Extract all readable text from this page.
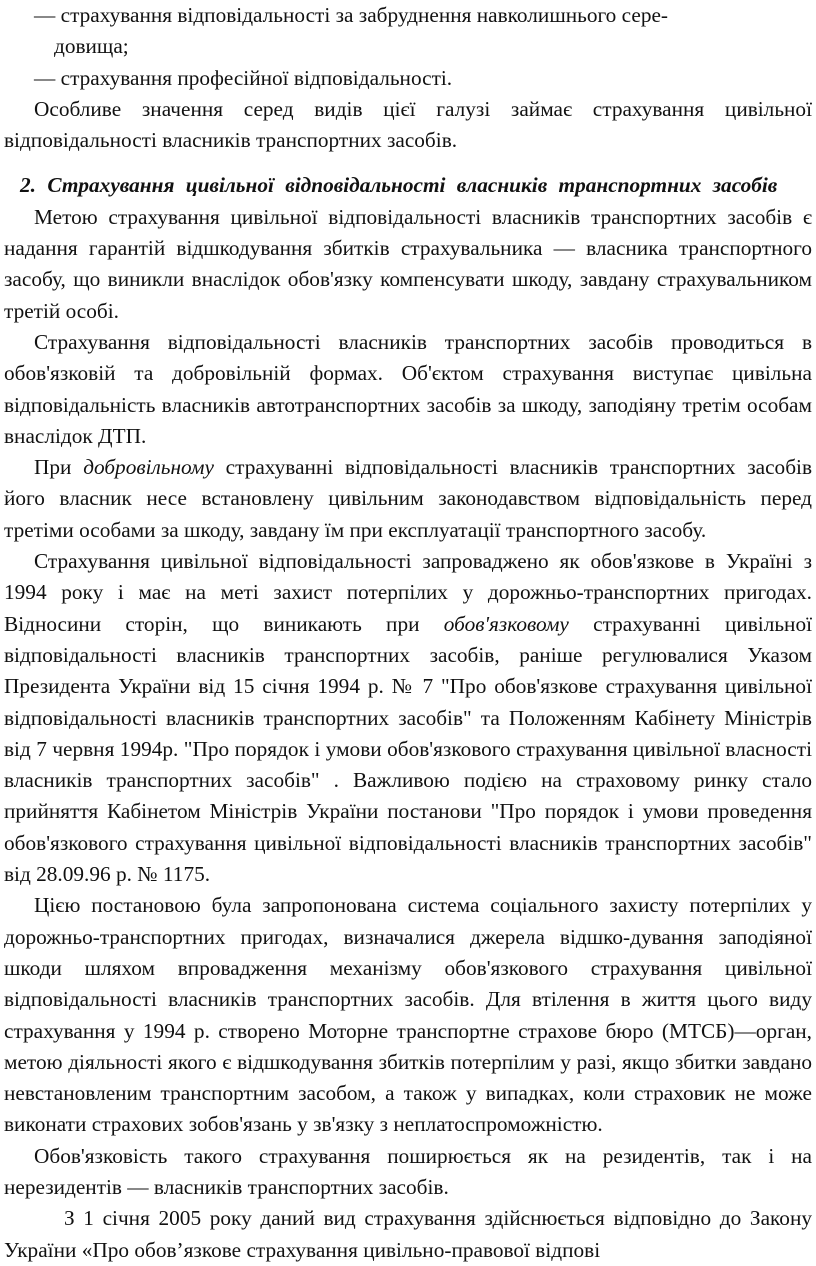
— страхування відповідальності за забруднення навколишнього сере-

довища;

— страхування професійної відповідальності.

Особливе значення серед видів цієї галузі займає страхування цивільної відповідальності власників транспортних засобів.

2. Страхування цивільної відповідальності власників транспортних засобів

Метою страхування цивільної відповідальності власників транспортних засобів є надання гарантій відшкодування збитків страхувальника — власника транспортного засобу, що виникли внаслідок обов'язку компенсувати шкоду, завдану страхувальником третій особі.

Страхування відповідальності власників транспортних засобів проводиться в обов'язковій та добровільній формах. Об'єктом страхування виступає цивільна відповідальність власників автотранспортних засобів за шкоду, заподіяну третім особам внаслідок ДТП.

При добровільному страхуванні відповідальності власників транспортних засобів його власник несе встановлену цивільним законодавством відповідальність перед третіми особами за шкоду, завдану їм при експлуатації транспортного засобу.

Страхування цивільної відповідальності запроваджено як обов'язкове в Україні з 1994 року і має на меті захист потерпілих у дорожньо-транспортних пригодах. Відносини сторін, що виникають при обов'язковому страхуванні цивільної відповідальності власників транспортних засобів, раніше регулювалися Указом Президента України від 15 січня 1994 р. № 7 "Про обов'язкове страхування цивільної відповідальності власників транспортних засобів" та Положенням Кабінету Міністрів від 7 червня 1994р. "Про порядок і умови обов'язкового страхування цивільної власності власників транспортних засобів" . Важливою подією на страховому ринку стало прийняття Кабінетом Міністрів України постанови "Про порядок і умови проведення обов'язкового страхування цивільної відповідальності власників транспортних засобів" від 28.09.96 р. № 1175.

Цією постановою була запропонована система соціального захисту потерпілих у дорожньо-транспортних пригодах, визначалися джерела відшко-дування заподіяної шкоди шляхом впровадження механізму обов'язкового страхування цивільної відповідальності власників транспортних засобів. Для втілення в життя цього виду страхування у 1994 р. створено Моторне транспортне страхове бюро (МТСБ)—орган, метою діяльності якого є відшкодування збитків потерпілим у разі, якщо збитки завдано невстановленим транспортним засобом, а також у випадках, коли страховик не може виконати страхових зобов'язань у зв'язку з неплатоспроможністю.

Обов'язковість такого страхування поширюється як на резидентів, так і на нерезидентів — власників транспортних засобів.

З 1 січня 2005 року даний вид страхування здійснюється відповідно до Закону України «Про обов’язкове страхування цивільно-правової відпові
